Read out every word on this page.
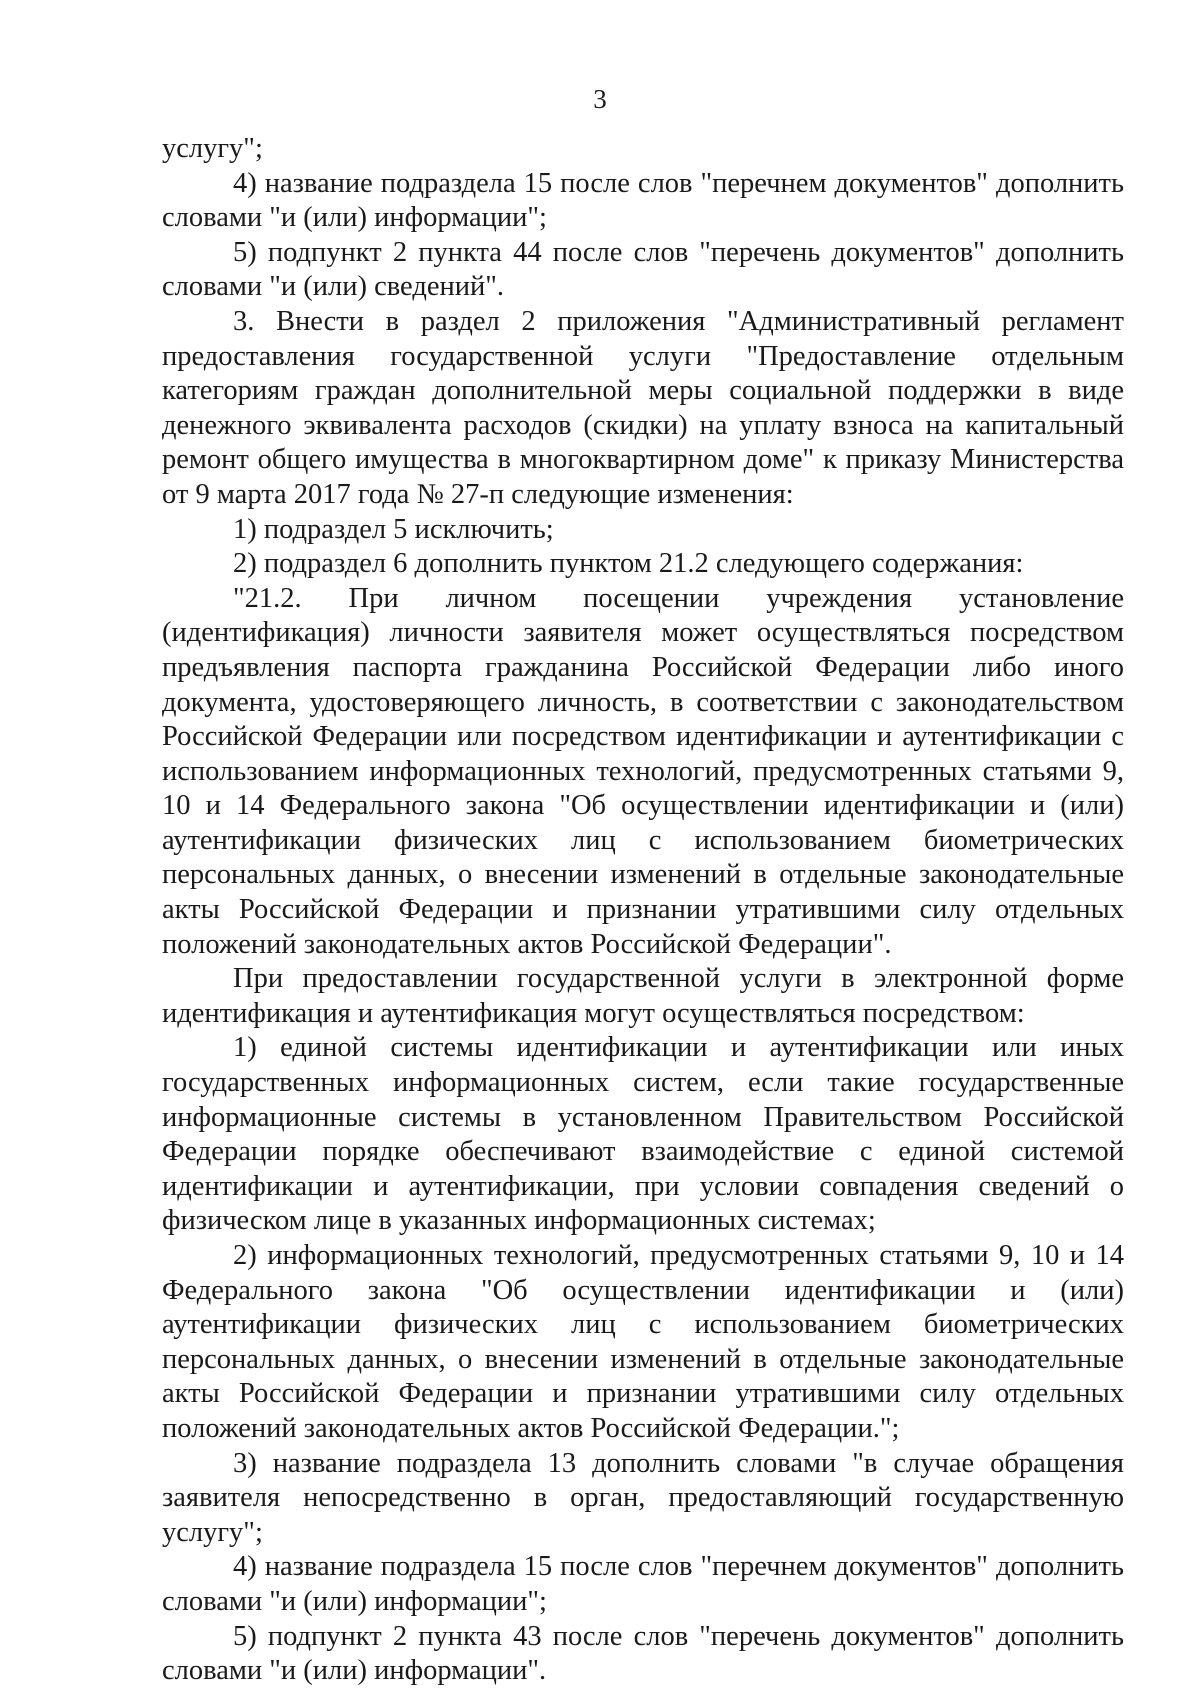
3

услугу";

4) название подраздела 15 после слов "перечнем документов" дополнить словами "и (или) информации";

5) подпункт 2 пункта 44 после слов "перечень документов" дополнить словами "и (или) сведений".

3. Внести в раздел 2 приложения "Административный регламент предоставления государственной услуги "Предоставление отдельным категориям граждан дополнительной меры социальной поддержки в виде денежного эквивалента расходов (скидки) на уплату взноса на капитальный ремонт общего имущества в многоквартирном доме" к приказу Министерства от 9 марта 2017 года № 27-п следующие изменения:

1) подраздел 5 исключить;

2) подраздел 6 дополнить пунктом 21.2 следующего содержания:

"21.2. При личном посещении учреждения установление (идентификация) личности заявителя может осуществляться посредством предъявления паспорта гражданина Российской Федерации либо иного документа, удостоверяющего личность, в соответствии с законодательством Российской Федерации или посредством идентификации и аутентификации с использованием информационных технологий, предусмотренных статьями 9, 10 и 14 Федерального закона "Об осуществлении идентификации и (или) аутентификации физических лиц с использованием биометрических персональных данных, о внесении изменений в отдельные законодательные акты Российской Федерации и признании утратившими силу отдельных положений законодательных актов Российской Федерации".

При предоставлении государственной услуги в электронной форме идентификация и аутентификация могут осуществляться посредством:

1) единой системы идентификации и аутентификации или иных государственных информационных систем, если такие государственные информационные системы в установленном Правительством Российской Федерации порядке обеспечивают взаимодействие с единой системой идентификации и аутентификации, при условии совпадения сведений о физическом лице в указанных информационных системах;

2) информационных технологий, предусмотренных статьями 9, 10 и 14 Федерального закона "Об осуществлении идентификации и (или) аутентификации физических лиц с использованием биометрических персональных данных, о внесении изменений в отдельные законодательные акты Российской Федерации и признании утратившими силу отдельных положений законодательных актов Российской Федерации.";

3) название подраздела 13 дополнить словами "в случае обращения заявителя непосредственно в орган, предоставляющий государственную услугу";

4) название подраздела 15 после слов "перечнем документов" дополнить словами "и (или) информации";

5) подпункт 2 пункта 43 после слов "перечень документов" дополнить словами "и (или) информации".
